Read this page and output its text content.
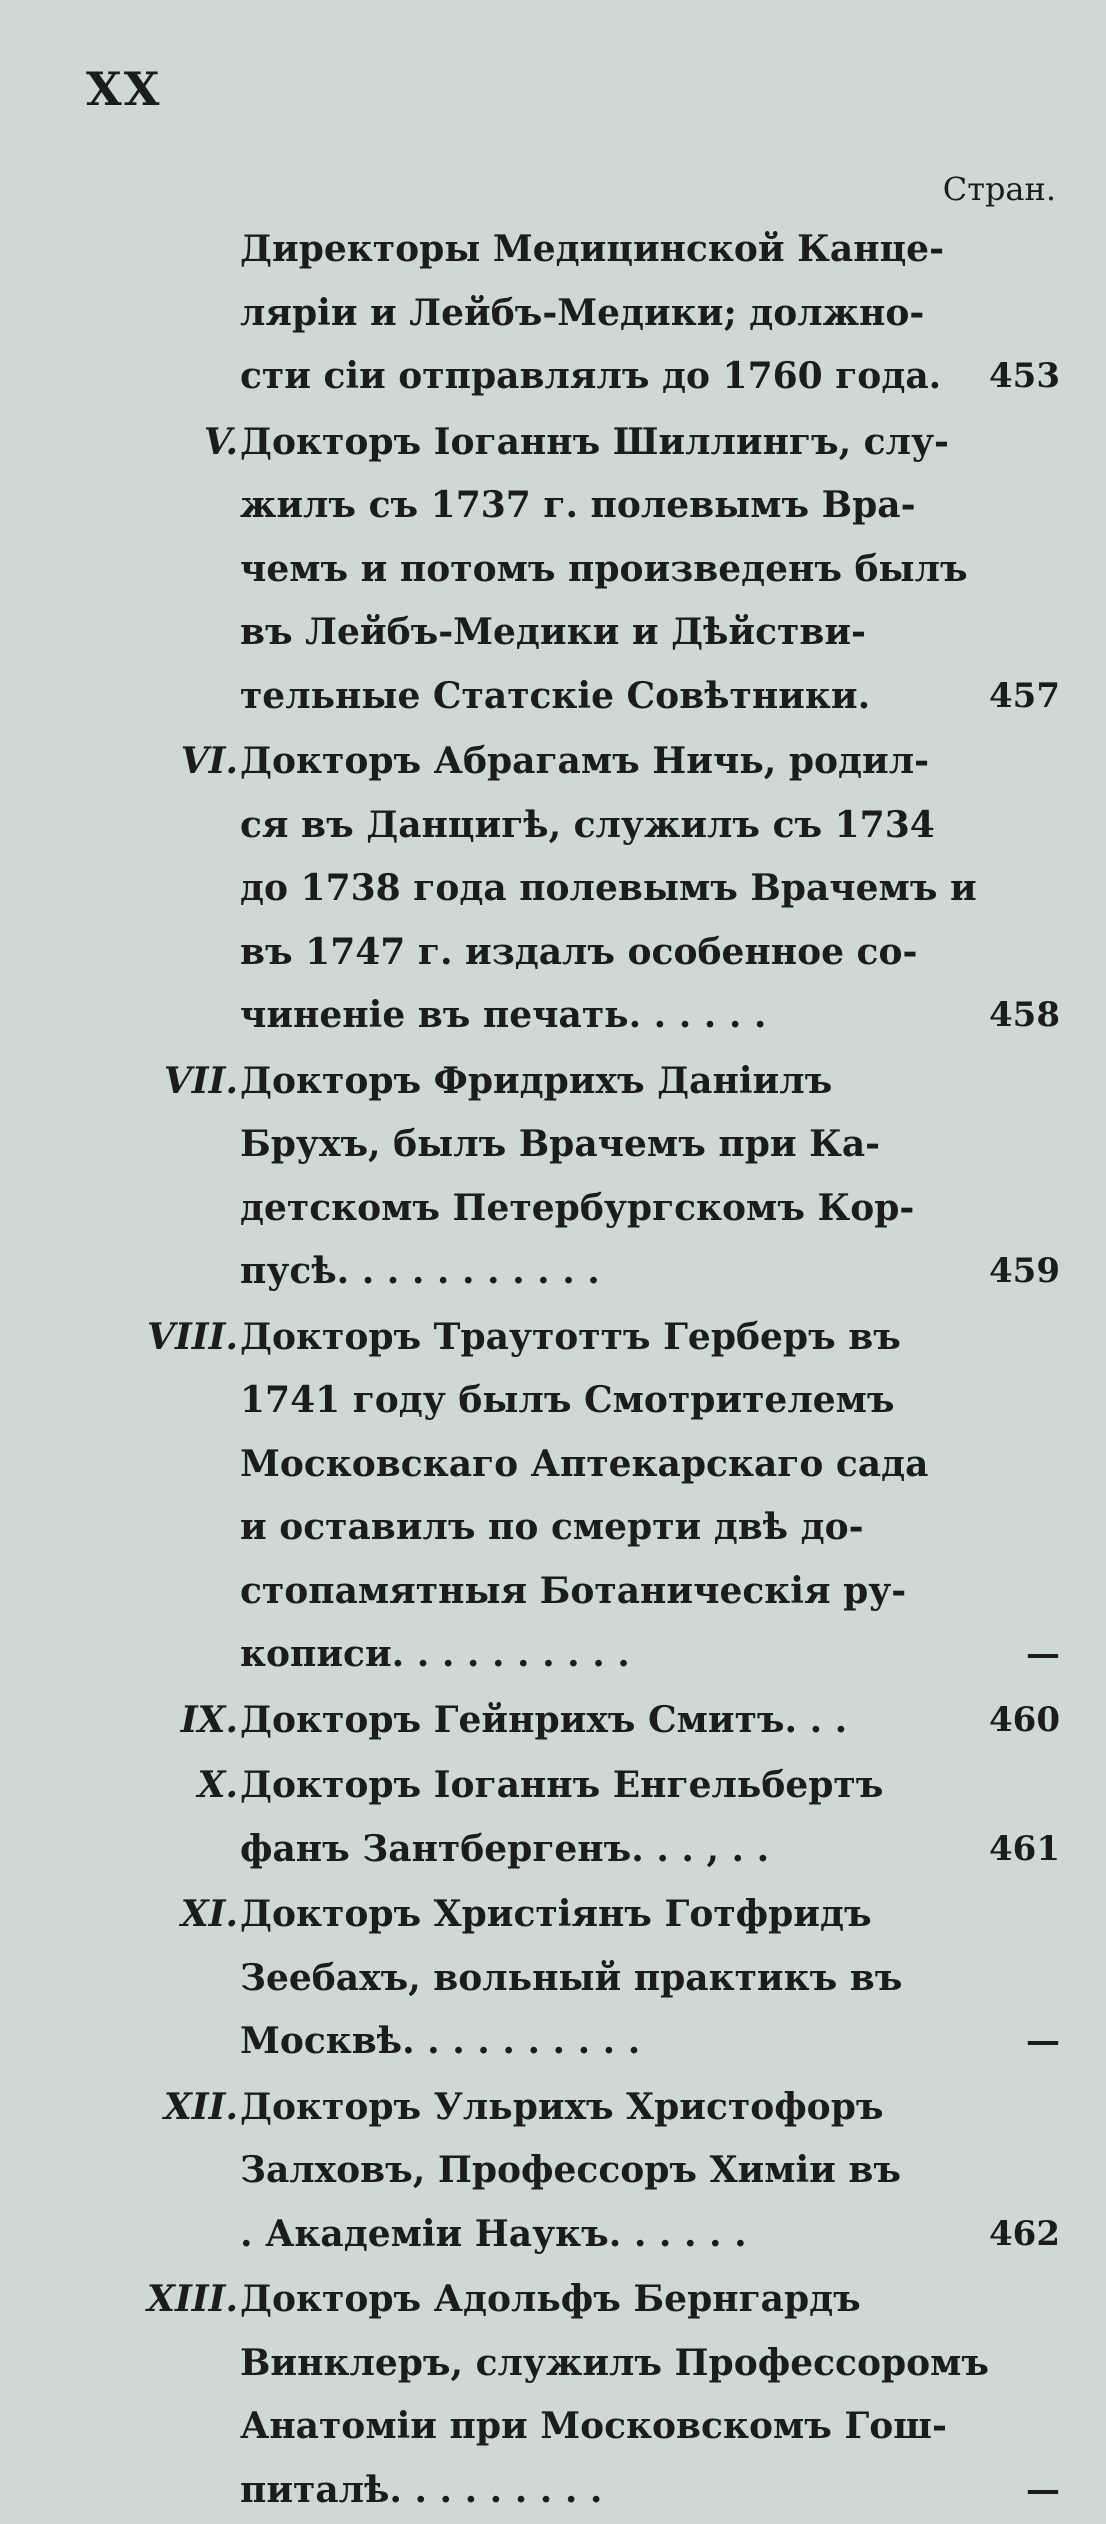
XX
Стран.
Директоры Медицинской Канце-
лярiи и Лейбъ-Медики; должно-
сти сiи отправлялъ до 1760 года. 453
V. Докторъ Iоганнъ Шиллингъ, слу-
жилъ съ 1737 г. полевымъ Вра-
чемъ и потомъ произведенъ былъ
въ Лейбъ-Медики и Дѣйстви-
тельные Статскiе Совѣтники.	457
VI. Докторъ Абрагамъ Ничь, родил-
ся въ Данцигѣ, служилъ съ 1734
до 1738 года полевымъ Врачемъ и
въ 1747 г. издалъ особенное со-
чиненiе въ печать. . . . . .	458
VII. Докторъ Фридрихъ Данiилъ
Брухъ, былъ Врачемъ при Ка-
детскомъ Петербургскомъ Кор-
пусѣ. . . . . . . . . . .	459
VIII. Докторъ Траутоттъ Герберъ въ
1741 году былъ Смотрителемъ
Московскаго Аптекарскаго сада
и оставилъ по смерти двѣ до-
стопамятныя Ботаническiя ру-
кописи. . . . . . . . . .	—
IX. Докторъ Гейнрихъ Смитъ. . .	460
X. Докторъ Iоганнъ Енгельбертъ
фанъ Зантбергенъ. . . , . .	461
XI. Докторъ Христiянъ Готфридъ
Зеебахъ, вольный практикъ въ
Москвѣ. . . . . . . . . .	—
XII. Докторъ Ульрихъ Христофоръ
Залховъ, Профессоръ Химiи въ
. Академiи Наукъ. . . . . .	462
XIII. Докторъ Адольфъ Бернгардъ
Винклеръ, служилъ Профессоромъ
Анатомiи при Московскомъ Гош-
питалѣ. . . . . . . . .	—
